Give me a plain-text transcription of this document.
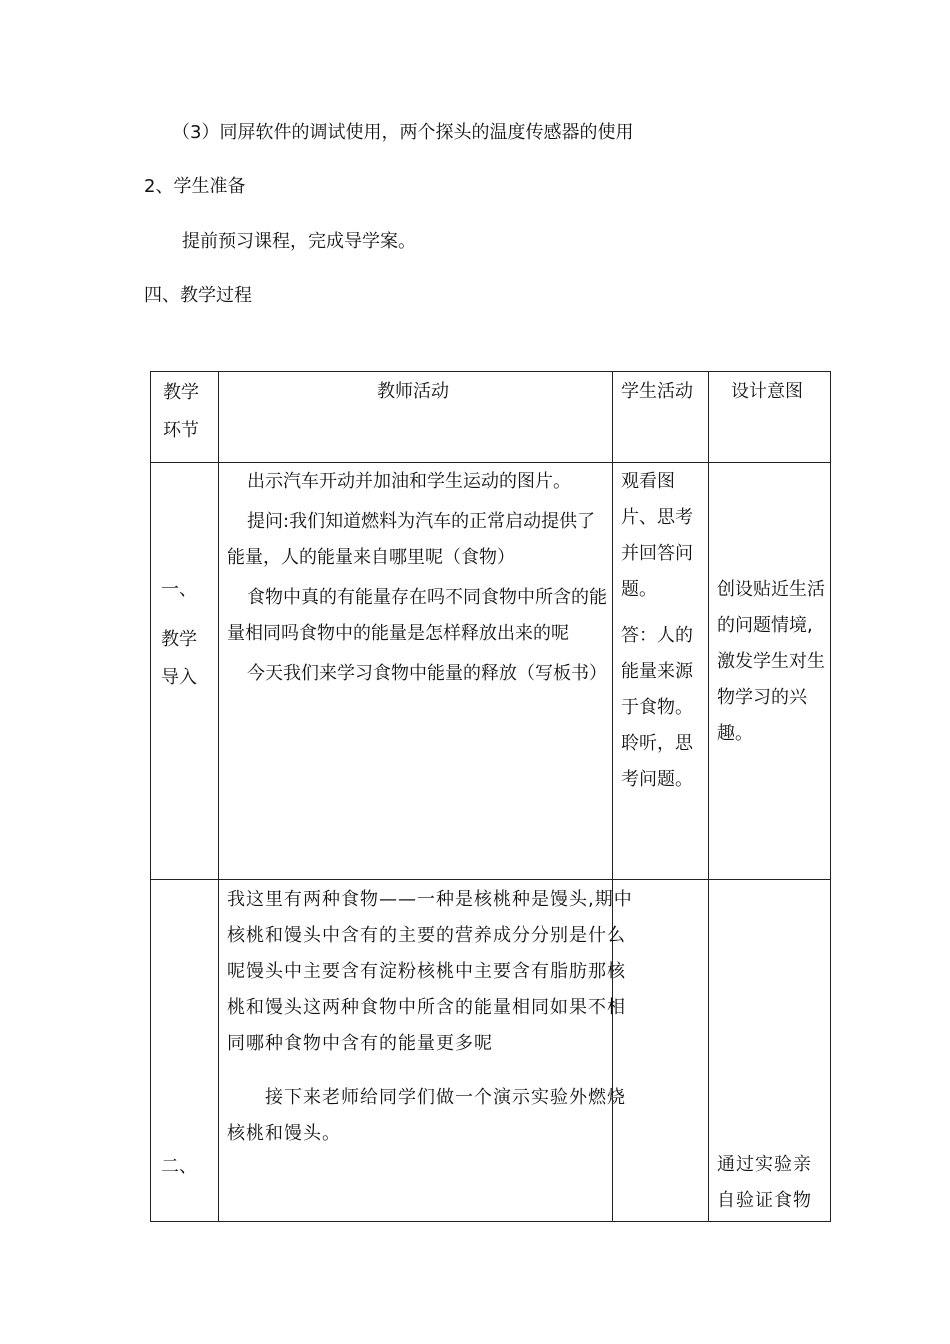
（3）同屏软件的调试使用，两个探头的温度传感器的使用
2、学生准备
提前预习课程，完成导学案。
四、教学过程
教学环节
教师活动	学生活动 设计意图
一、
教学
导入

出示汽车开动并加油和学生运动的图片。

提问:我们知道燃料为汽车的正常启动提供了能量，人的能量来自哪里呢（食物）

食物中真的有能量存在吗不同食物中所含的能量相同吗食物中的能量是怎样释放出来的呢

今天我们来学习食物中能量的释放（写板书）

观看图片、思考并回答问题。

答：人的能量来源于食物。聆听，思考问题。

创设贴近生活的问题情境,激发学生对生物学习的兴趣。
二、

我这里有两种食物——一种是核桃种是馒头,期中核桃和馒头中含有的主要的营养成分分别是什么呢馒头中主要含有淀粉核桃中主要含有脂肪那核桃和馒头这两种食物中所含的能量相同如果不相同哪种食物中含有的能量更多呢

接下来老师给同学们做一个演示实验外燃烧核桃和馒头。

通过实验亲自验证食物
